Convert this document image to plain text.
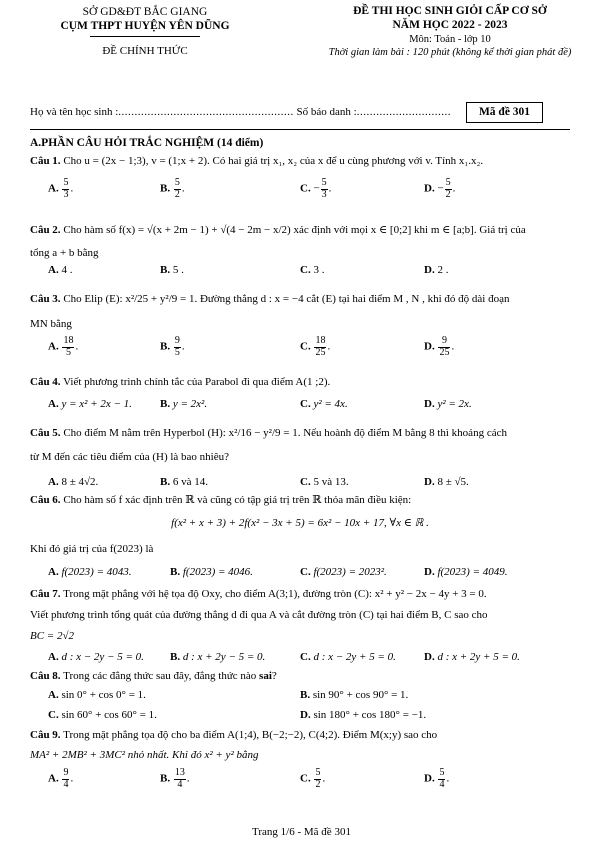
SỞ GD&ĐT BẮC GIANG
CỤM THPT HUYỆN YÊN DŨNG
ĐỀ CHÍNH THỨC
ĐỀ THI HỌC SINH GIỎI CẤP CƠ SỞ
NĂM HỌC 2022 - 2023
Môn: Toán - lớp 10
Thời gian làm bài : 120 phút (không kể thời gian phát đề)
Họ và tên học sinh :...................................................... Số báo danh :.............................	Mã đề 301
A.PHẦN CÂU HỎI TRẮC NGHIỆM (14 điểm)
Câu 1. Cho u = (2x − 1;3), v = (1;x + 2). Có hai giá trị x₁, x₂ của x để u cùng phương với v. Tính x₁.x₂.
A. $\frac{5}{3}$ .	B. $\frac{5}{2}$ .	C. − $\frac{5}{3}$ .	D. − $\frac{5}{2}$ .
Câu 2. Cho hàm số f(x) = √(x + 2m − 1) + √(4 − 2m − x/2) xác định với mọi x ∈ [0;2] khi m ∈ [a;b]. Giá trị của
tổng a + b bằng
A. 4 .	B. 5 .	C. 3 .	D. 2 .
Câu 3. Cho Elip (E): x²/25 + y²/9 = 1. Đường thẳng d : x = −4 cắt (E) tại hai điểm M , N , khi đó độ dài đoạn
MN bằng
A. $\frac{18}{5}$ .	B. $\frac{9}{5}$ .	C. $\frac{18}{25}$ .	D. $\frac{9}{25}$ .
Câu 4. Viết phương trình chính tắc của Parabol đi qua điểm A(1 ;2).
A. y = x² + 2x − 1.	B. y = 2x².	C. y² = 4x.	D. y² = 2x.
Câu 5. Cho điểm M nằm trên Hyperbol (H): x²/16 − y²/9 = 1. Nếu hoành độ điểm M bằng 8 thì khoảng cách
từ M đến các tiêu điểm của (H) là bao nhiêu?
A. 8 ± 4√2.	B. 6 và 14.	C. 5 và 13.	D. 8 ± √5.
Câu 6. Cho hàm số f xác định trên ℝ và cũng có tập giá trị trên ℝ thỏa mãn điều kiện:
f(x² + x + 3) + 2f(x² − 3x + 5) = 6x² − 10x + 17, ∀x ∈ ℝ .
Khi đó giá trị của f(2023) là
A. f(2023) = 4043.	B. f(2023) = 4046.	C. f(2023) = 2023².	D. f(2023) = 4049.
Câu 7. Trong mặt phẳng với hệ tọa độ Oxy, cho điểm A(3;1), đường tròn (C): x² + y² − 2x − 4y + 3 = 0.
Viết phương trình tổng quát của đường thẳng d đi qua A và cắt đường tròn (C) tại hai điểm B, C sao cho
BC = 2√2
A. d : x − 2y − 5 = 0. B. d : x + 2y − 5 = 0.	C. d : x − 2y + 5 = 0.	D. d : x + 2y + 5 = 0.
Câu 8. Trong các đẳng thức sau đây, đẳng thức nào sai?
A. sin 0° + cos 0° = 1.	B. sin 90° + cos 90° = 1.
C. sin 60° + cos 60° = 1.	D. sin 180° + cos 180° = −1.
Câu 9. Trong mặt phẳng tọa độ cho ba điểm A(1;4), B(−2;−2), C(4;2). Điểm M(x;y) sao cho
MA² + 2MB² + 3MC² nhỏ nhất. Khi đó x² + y² bằng
A. $\frac{9}{4}$ .	B. $\frac{13}{4}$ .	C. $\frac{5}{2}$ .	D. $\frac{5}{4}$ .
Trang 1/6 - Mã đề 301
